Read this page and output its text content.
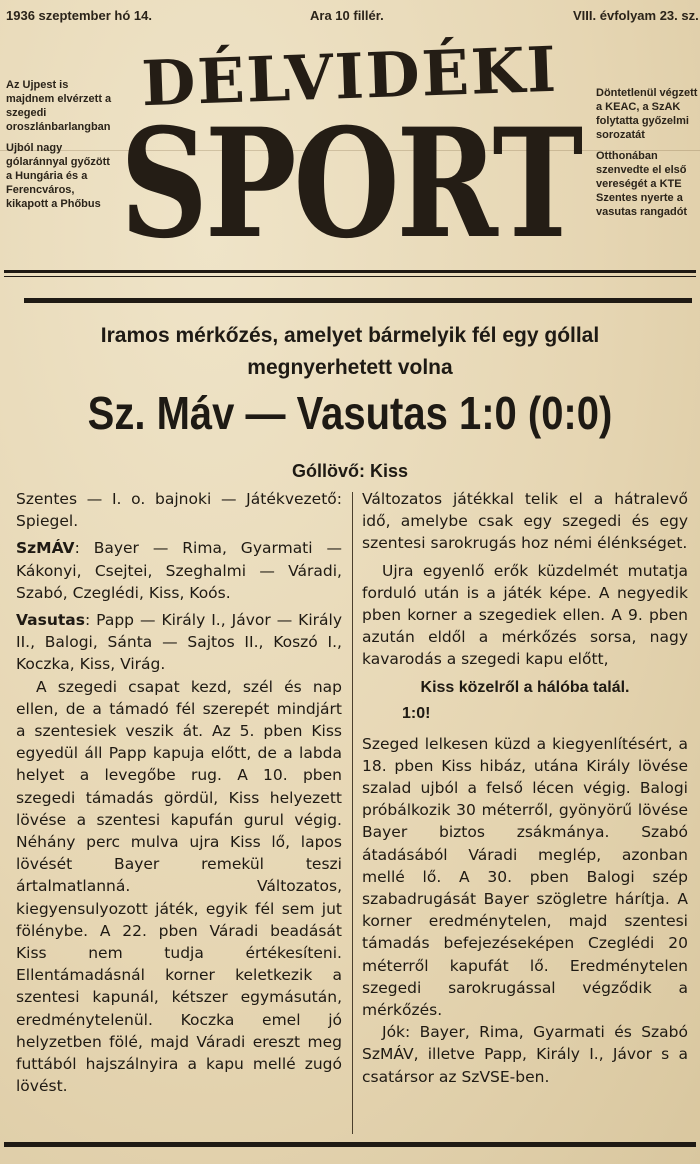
1936 szeptember hó 14.	Ara 10 fillér.	VIII. évfolyam 23. sz.

Az Ujpest is majdnem elvérzett a szegedi oroszlánbarlangban

Ujból nagy gólaránnyal győzött a Hungária és a Ferencváros, kikapott a Phőbus

DÉLVIDÉKI
SPORT

Döntetlenül végzett a KEAC, a SzAK folytatta győzelmi sorozatát

Otthonában szenvedte el első vereségét a KTE Szentes nyerte a vasutas rangadót

Iramos mérkőzés, amelyet bármelyik fél egy góllal
megnyerhetett volna
Sz. Máv — Vasutas 1:0 (0:0)
Góllövő: Kiss

Szentes — I. o. bajnoki — Játékvezető: Spiegel.

SzMÁV: Bayer — Rima, Gyarmati — Kákonyi, Csejtei, Szeghalmi — Váradi, Szabó, Czeglédi, Kiss, Koós.

Vasutas: Papp — Király I., Jávor — Király II., Balogi, Sánta — Sajtos II., Koszó I., Koczka, Kiss, Virág.

A szegedi csapat kezd, szél és nap ellen, de a támadó fél szerepét mindjárt a szentesiek veszik át. Az 5. pben Kiss egyedül áll Papp kapuja előtt, de a labda helyet a levegőbe rug. A 10. pben szegedi támadás gördül, Kiss helyezett lövése a szentesi kapufán gurul végig. Néhány perc mulva ujra Kiss lő, lapos lövését Bayer remekül teszi ártalmatlanná. Változatos, kiegyensulyozott játék, egyik fél sem jut fölénybe. A 22. pben Váradi beadását Kiss nem tudja értékesíteni. Ellentámadásnál korner keletkezik a szentesi kapunál, kétszer egymásután, eredménytelenül. Koczka emel jó helyzetben fölé, majd Váradi ereszt meg futtából hajszálnyira a kapu mellé zugó lövést.

Változatos játékkal telik el a hátralevő idő, amelybe csak egy szegedi és egy szentesi sarokrugás hoz némi élénkséget.

Ujra egyenlő erők küzdelmét mutatja forduló után is a játék képe. A negyedik pben korner a szegediek ellen. A 9. pben azután eldől a mérkőzés sorsa, nagy kavarodás a szegedi kapu előtt,

Kiss közelről a hálóba talál.

1:0!

Szeged lelkesen küzd a kiegyenlítésért, a 18. pben Kiss hibáz, utána Király lövése szalad ujból a felső lécen végig. Balogi próbálkozik 30 méterről, gyönyörű lövése Bayer biztos zsákmánya. Szabó átadásából Váradi meglép, azonban mellé lő. A 30. pben Balogi szép szabadrugását Bayer szögletre hárítja. A korner eredménytelen, majd szentesi támadás befejezéseképen Czeglédi 20 méterről kapufát lő. Eredménytelen szegedi sarokrugással végződik a mérkőzés.

Jók: Bayer, Rima, Gyarmati és Szabó SzMÁV, illetve Papp, Király I., Jávor s a csatársor az SzVSE-ben.
